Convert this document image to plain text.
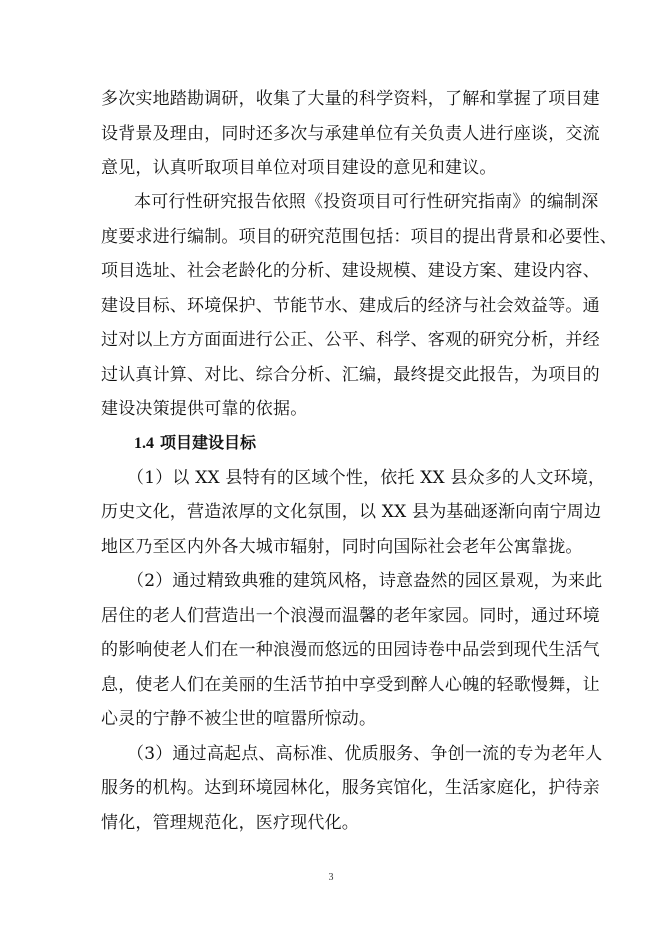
多次实地踏勘调研，收集了大量的科学资料，了解和掌握了项目建
设背景及理由，同时还多次与承建单位有关负责人进行座谈，交流
意见，认真听取项目单位对项目建设的意见和建议。
本可行性研究报告依照《投资项目可行性研究指南》的编制深
度要求进行编制。项目的研究范围包括：项目的提出背景和必要性、
项目选址、社会老龄化的分析、建设规模、建设方案、建设内容、
建设目标、环境保护、节能节水、建成后的经济与社会效益等。通
过对以上方方面面进行公正、公平、科学、客观的研究分析，并经
过认真计算、对比、综合分析、汇编，最终提交此报告，为项目的
建设决策提供可靠的依据。
1.4 项目建设目标
（1）以 XX 县特有的区域个性，依托 XX 县众多的人文环境，
历史文化，营造浓厚的文化氛围，以 XX 县为基础逐渐向南宁周边
地区乃至区内外各大城市辐射，同时向国际社会老年公寓靠拢。
（2）通过精致典雅的建筑风格，诗意盎然的园区景观，为来此
居住的老人们营造出一个浪漫而温馨的老年家园。同时，通过环境
的影响使老人们在一种浪漫而悠远的田园诗卷中品尝到现代生活气
息，使老人们在美丽的生活节拍中享受到醉人心魄的轻歌慢舞，让
心灵的宁静不被尘世的喧嚣所惊动。
（3）通过高起点、高标准、优质服务、争创一流的专为老年人
服务的机构。达到环境园林化，服务宾馆化，生活家庭化，护待亲
情化，管理规范化，医疗现代化。
3
